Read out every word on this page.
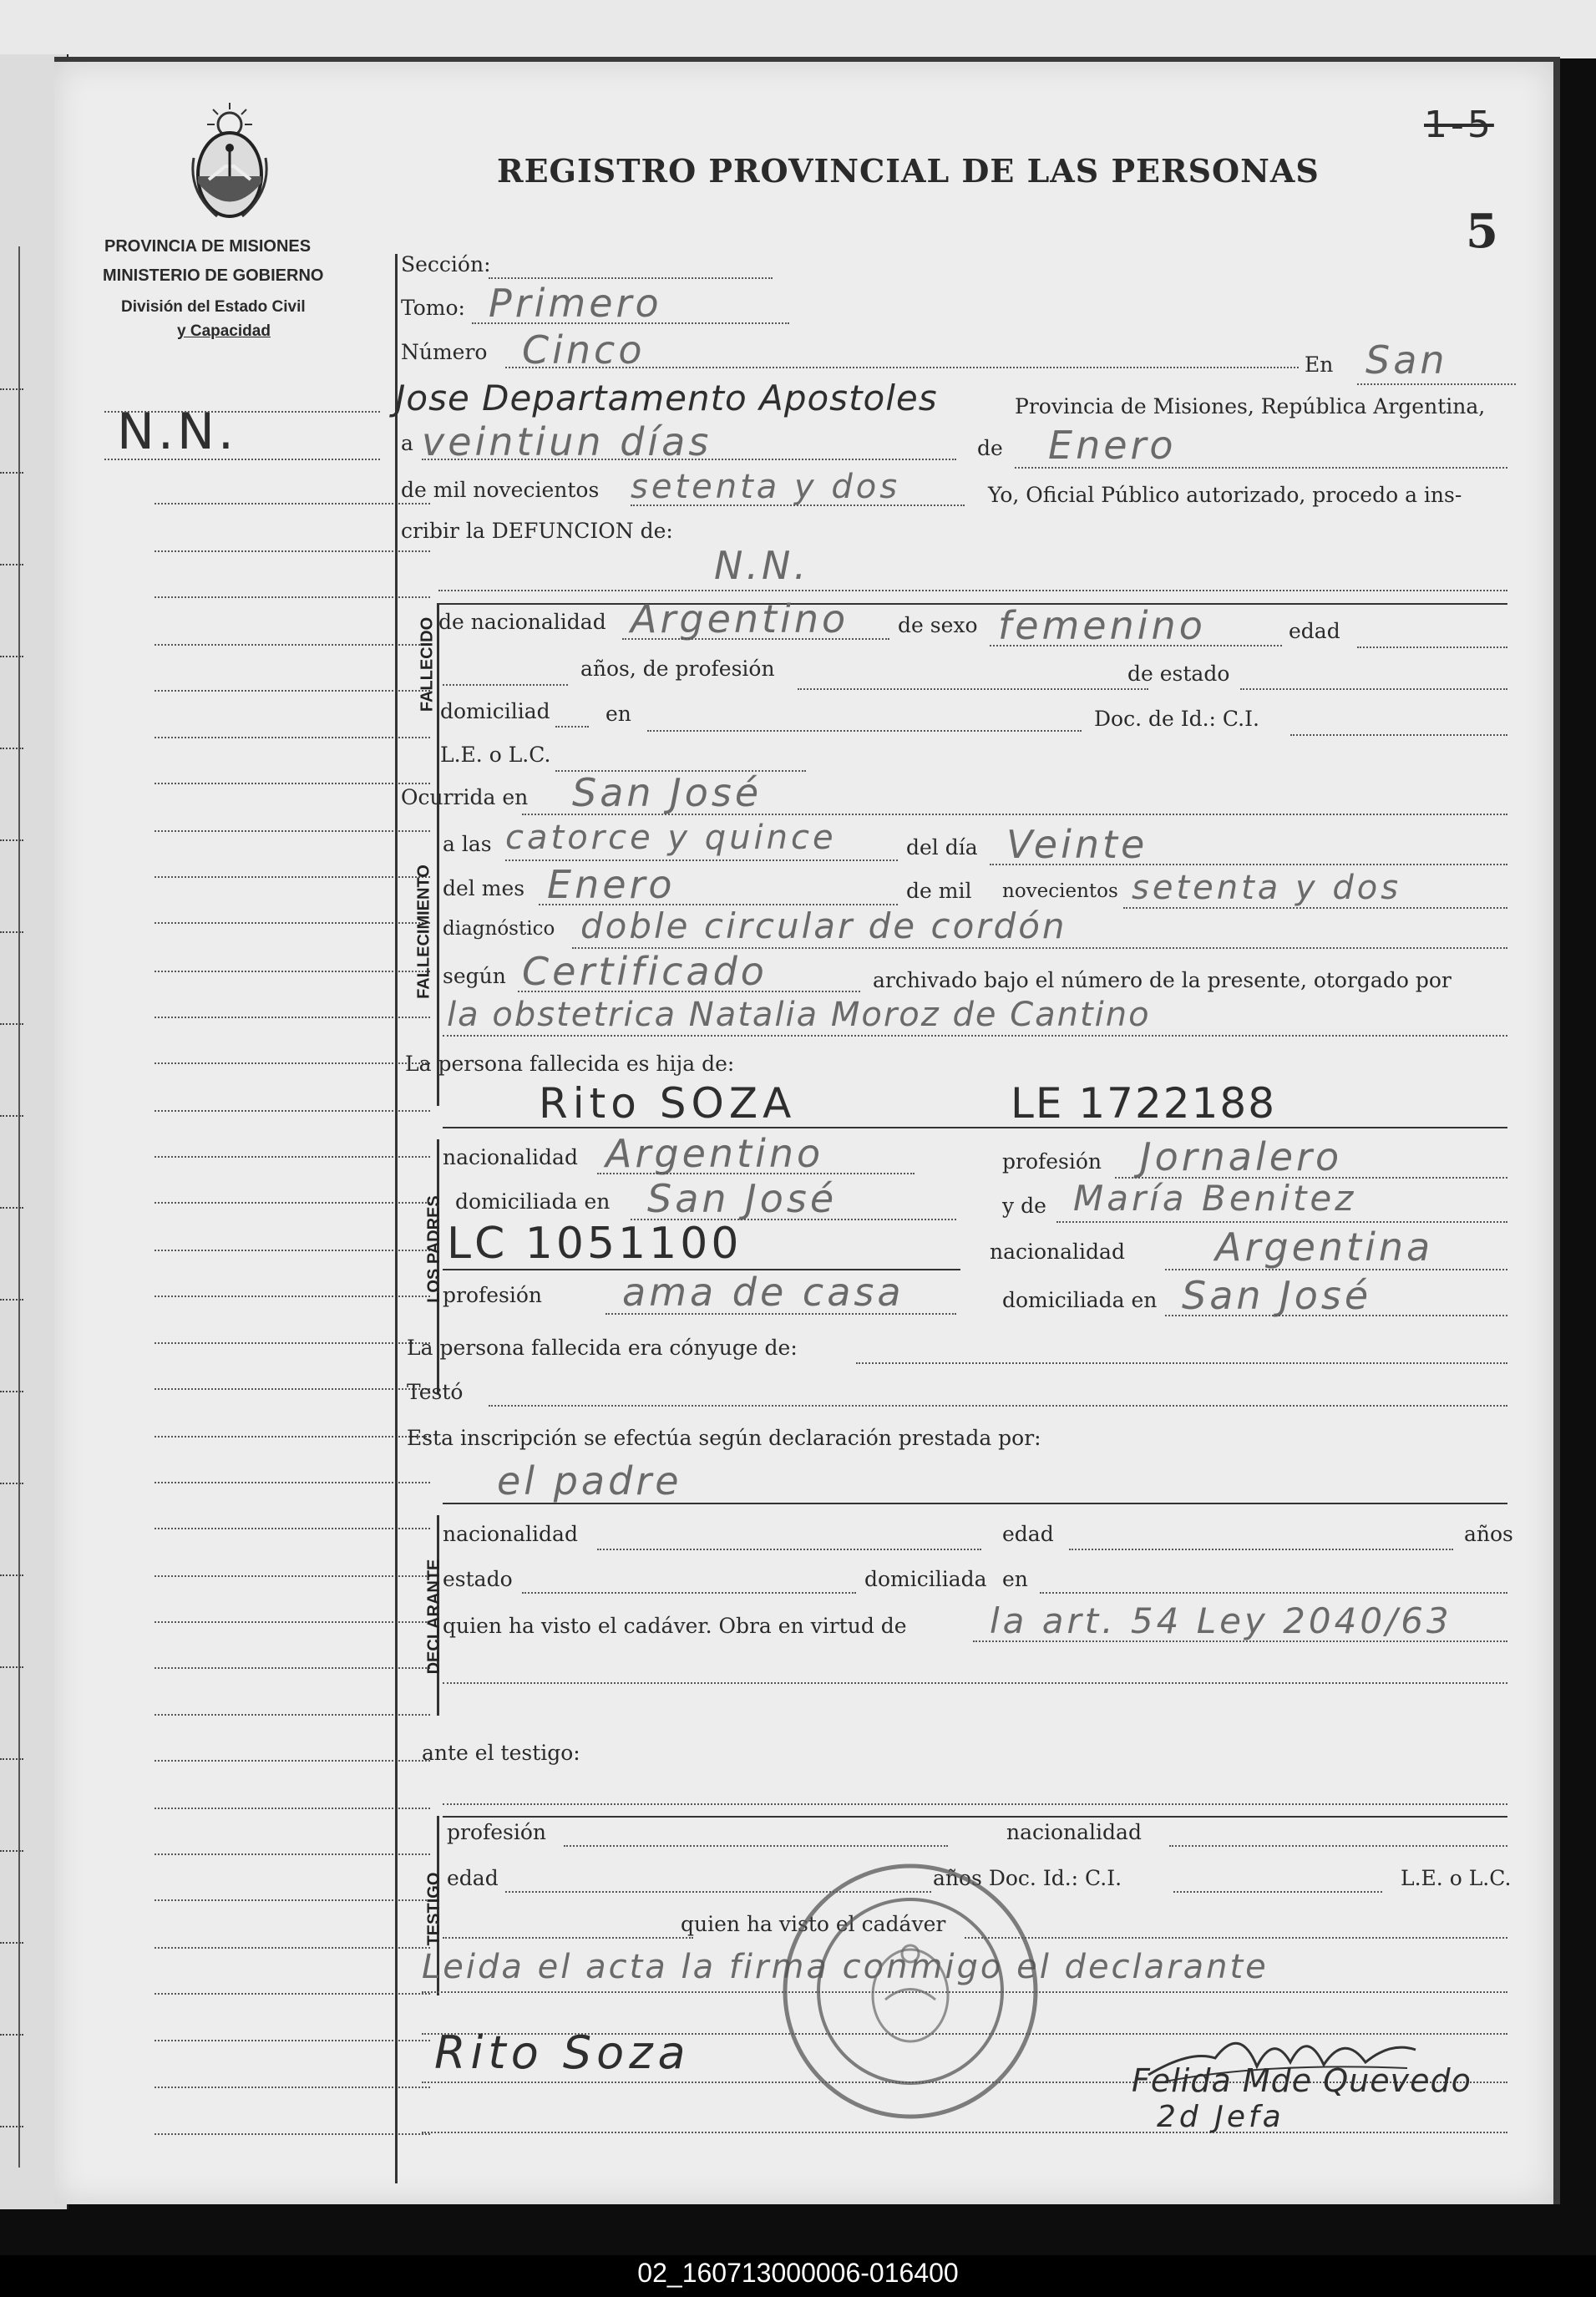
PROVINCIA DE MISIONES
MINISTERIO DE GOBIERNO
División del Estado Civil
y Capacidad
REGISTRO PROVINCIAL DE LAS PERSONAS
5
1-5
N.N.
Sección:
Tomo: Primero
Número Cinco	En San
Jose Departamento Apostoles	Provincia de Misiones, República Argentina,
a veintiun días	de Enero
de mil novecientos setenta y dos	Yo, Oficial Público autorizado, procedo a ins-
cribir la DEFUNCION de:
N.N.
FALLECIDO de nacionalidad Argentino de sexo femenino	edad
años, de profesión	de estado
domiciliad	en	Doc. de Id.: C.I.
L.E. o L.C.
Ocurrida en San José
FALLECIMIENTO
a las catorce y quince	del día Veinte
del mes Enero	de mil novecientos setenta y dos
diagnóstico doble circular de cordón
según Certificado	archivado bajo el número de la presente, otorgado por
la obstetrica Natalia Moroz de Cantino
La persona fallecida es hija de:
Rito SOZA	LE 1722188
LOS PADRES
nacionalidad Argentino	profesión Jornalero
domiciliada en San José	y de María Benitez
LC 1051100	nacionalidad Argentina
profesión ama de casa	domiciliada en San José
La persona fallecida era cónyuge de:
Testó
Esta inscripción se efectúa según declaración prestada por:
el padre
DECLARANTE
nacionalidad	edad	años
estado	domiciliada en
quien ha visto el cadáver. Obra en virtud de la art. 54 Ley 2040/63
ante el testigo:
TESTIGO
profesión	nacionalidad
edad	años Doc. Id.: C.I.	L.E. o L.C.
quien ha visto el cadáver
Leida el acta la firma conmigo el declarante
Rito Soza
Felida Mde Quevedo
2d Jefa
02_160713000006-016400
